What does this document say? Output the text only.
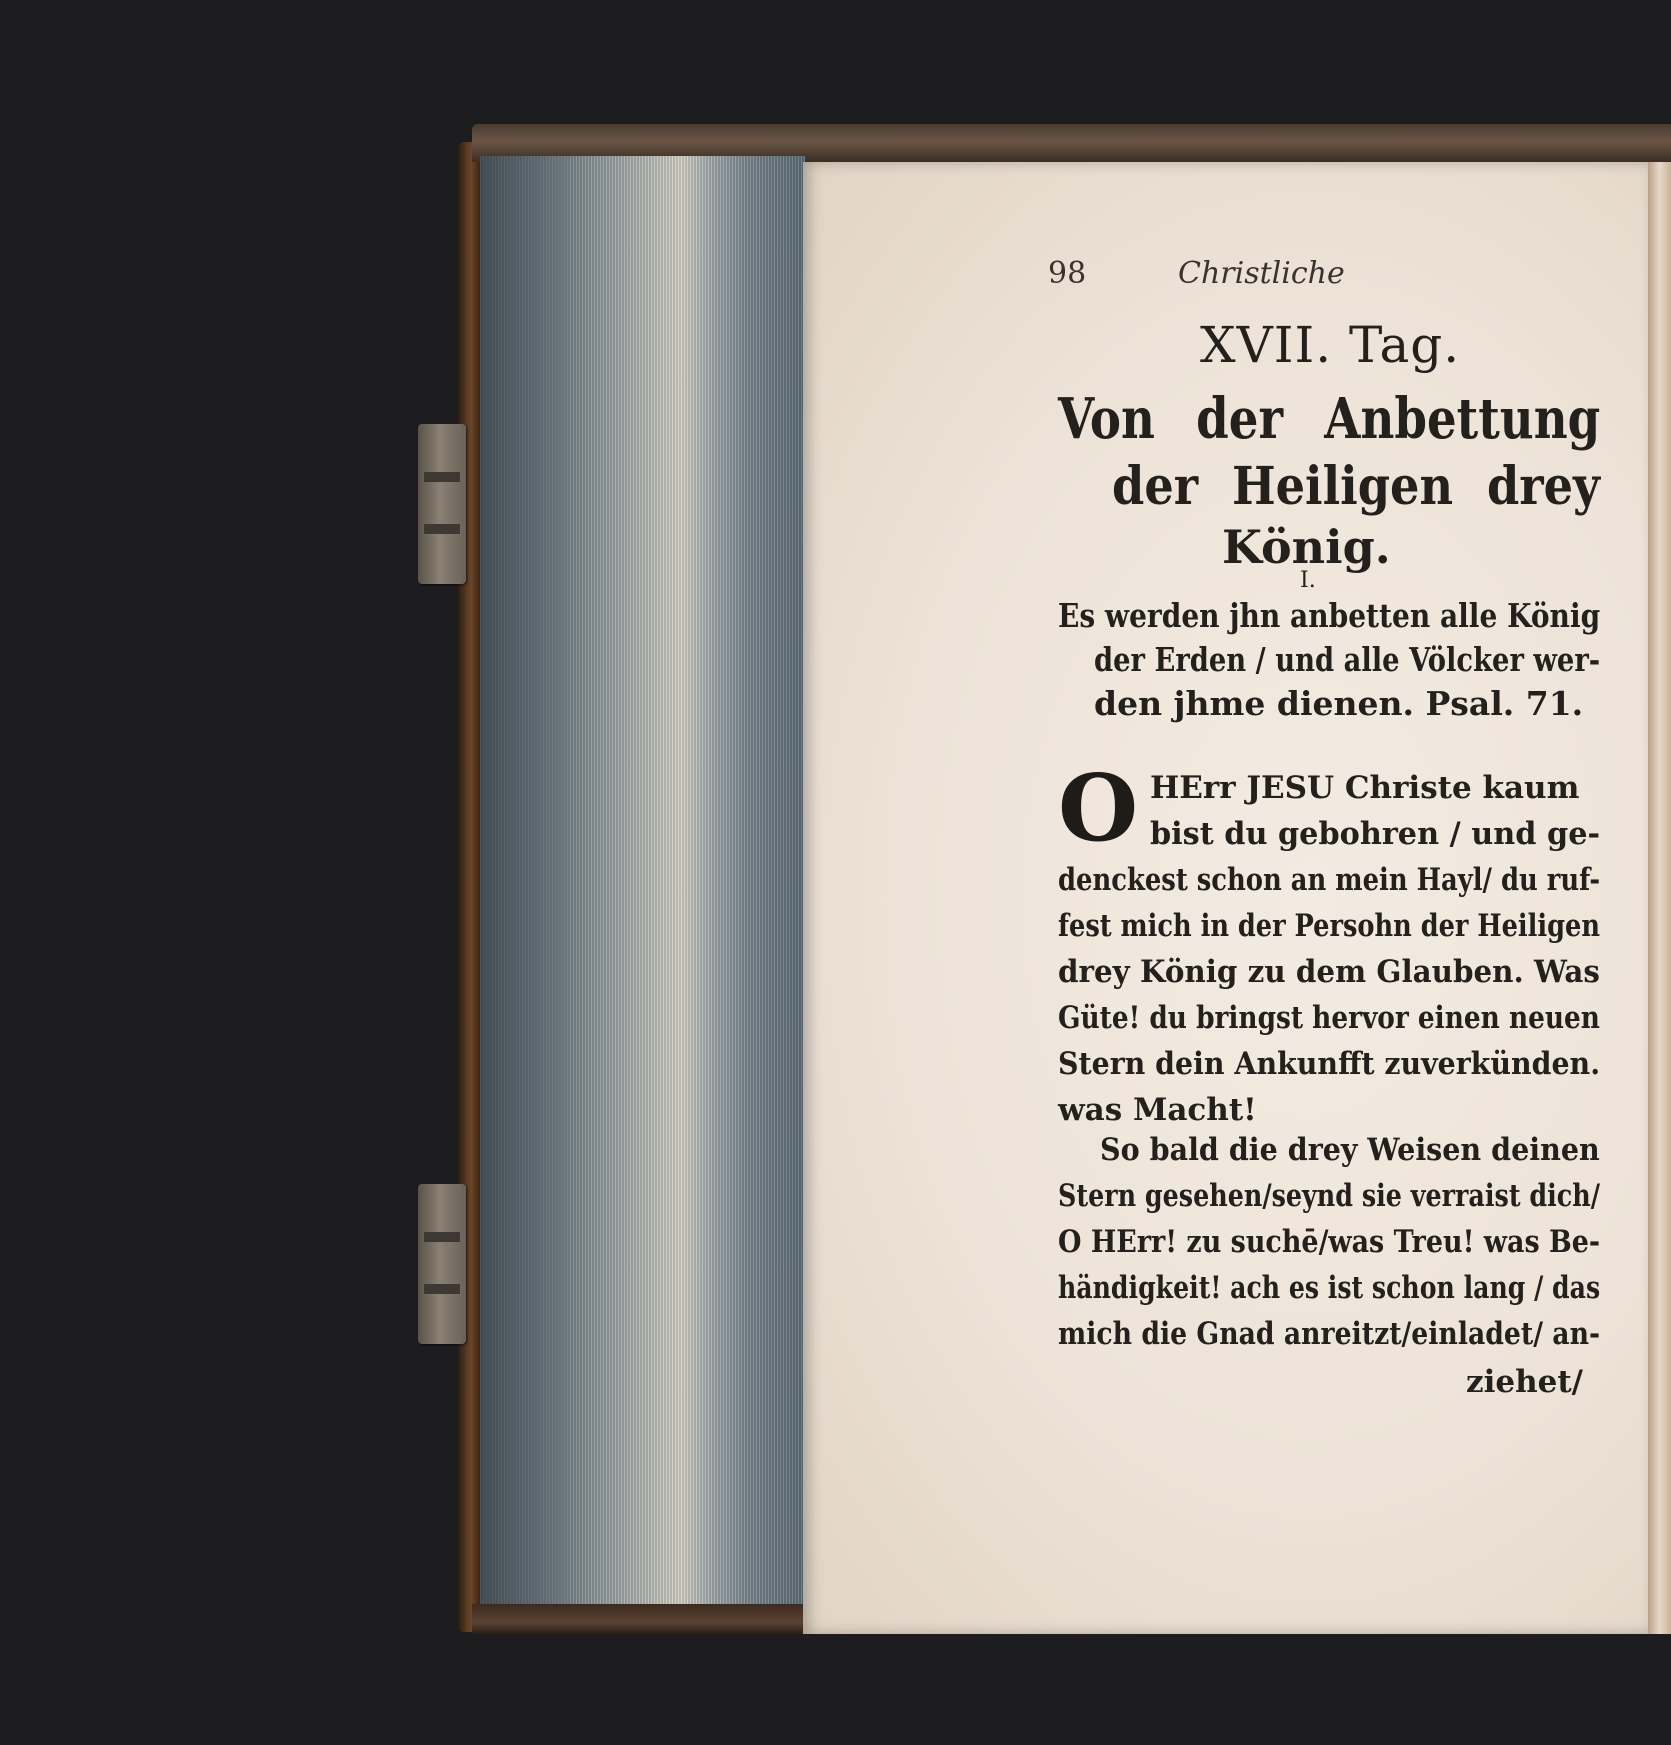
98	Christliche
XVII. Tag.
Von der Anbettung
der Heiligen drey
König.
I.
Es werden jhn anbetten alle König
der Erden / und alle Völcker wer-
den jhme dienen. Psal. 71.
O HErr JESU Christe kaum
bist du gebohren / und ge-
denckest schon an mein Hayl/ du ruf-
fest mich in der Persohn der Heiligen
drey König zu dem Glauben. Was
Güte! du bringst hervor einen neuen
Stern dein Ankunfft zuverkünden.
was Macht!
So bald die drey Weisen deinen
Stern gesehen/seynd sie verraist dich/
O HErr! zu suchē/was Treu! was Be-
händigkeit! ach es ist schon lang / das
mich die Gnad anreitzt/einladet/ an-
ziehet/
